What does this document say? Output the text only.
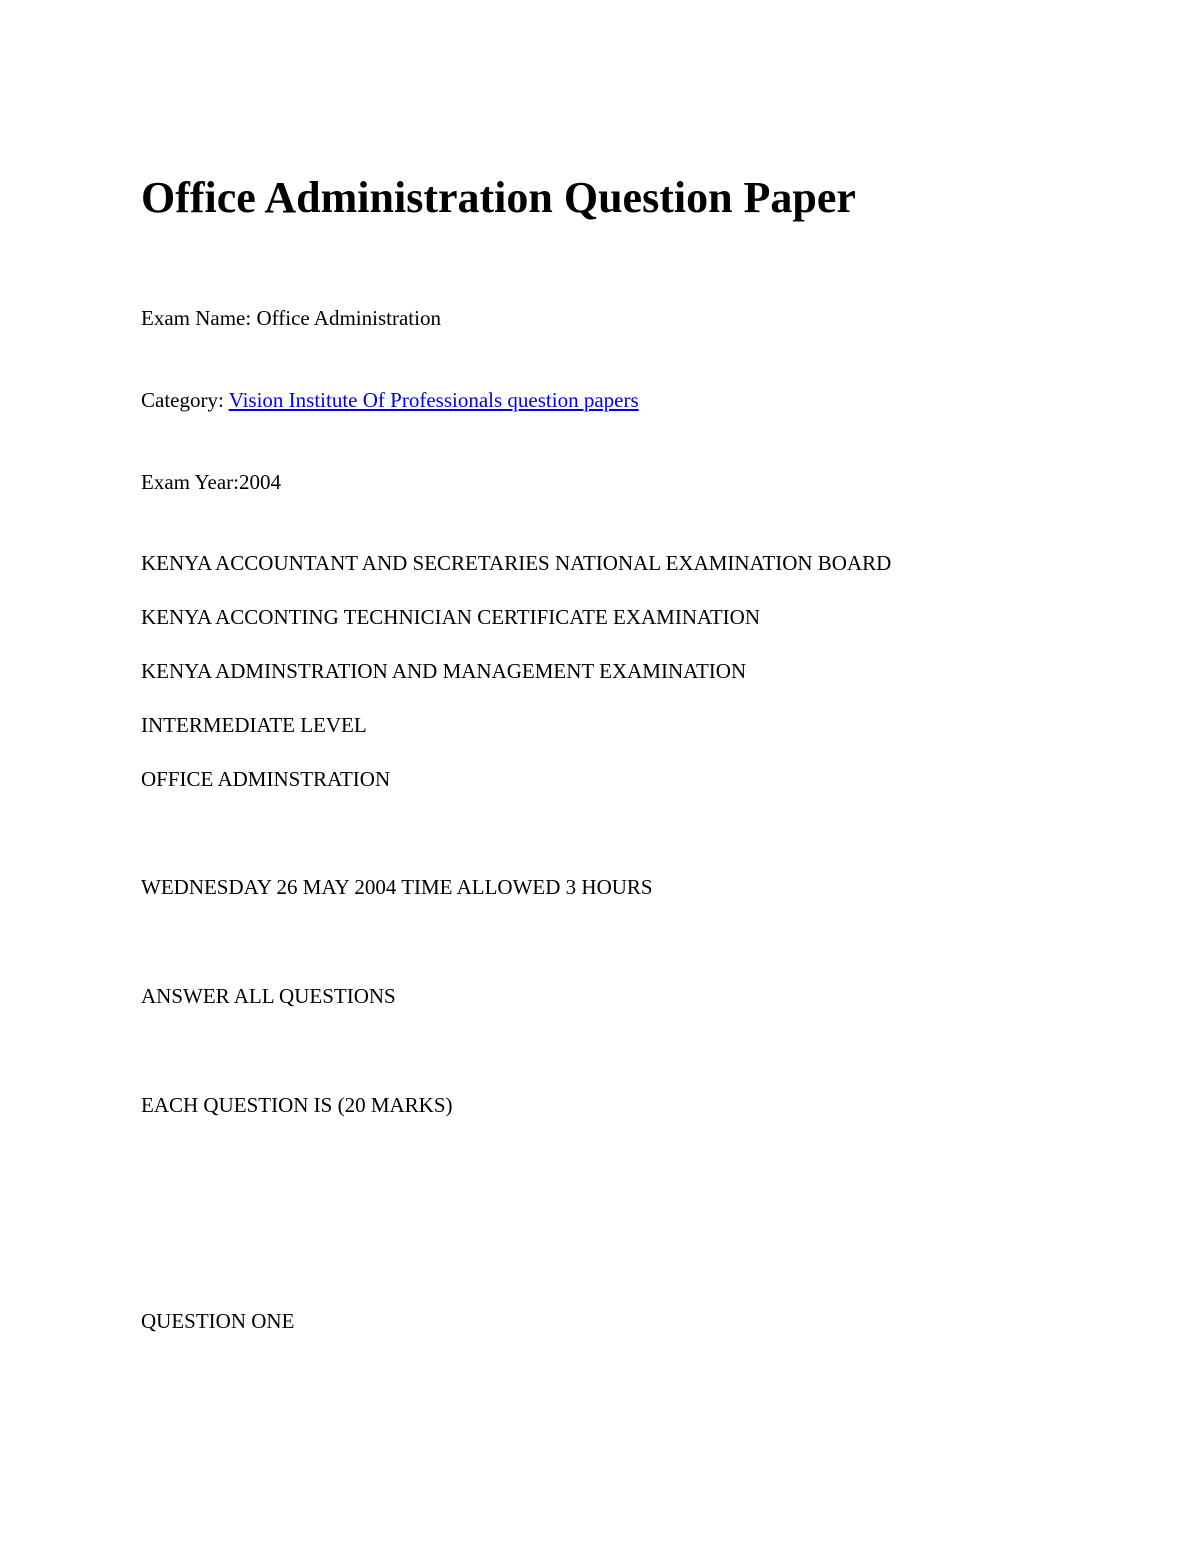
Office Administration Question Paper

Exam Name: Office Administration

Category: Vision Institute Of Professionals question papers

Exam Year:2004

KENYA ACCOUNTANT AND SECRETARIES NATIONAL EXAMINATION BOARD

KENYA ACCONTING TECHNICIAN CERTIFICATE EXAMINATION

KENYA ADMINSTRATION AND MANAGEMENT EXAMINATION

INTERMEDIATE LEVEL

OFFICE ADMINSTRATION

WEDNESDAY 26 MAY 2004 TIME ALLOWED 3 HOURS

ANSWER ALL QUESTIONS

EACH QUESTION IS (20 MARKS)

QUESTION ONE
